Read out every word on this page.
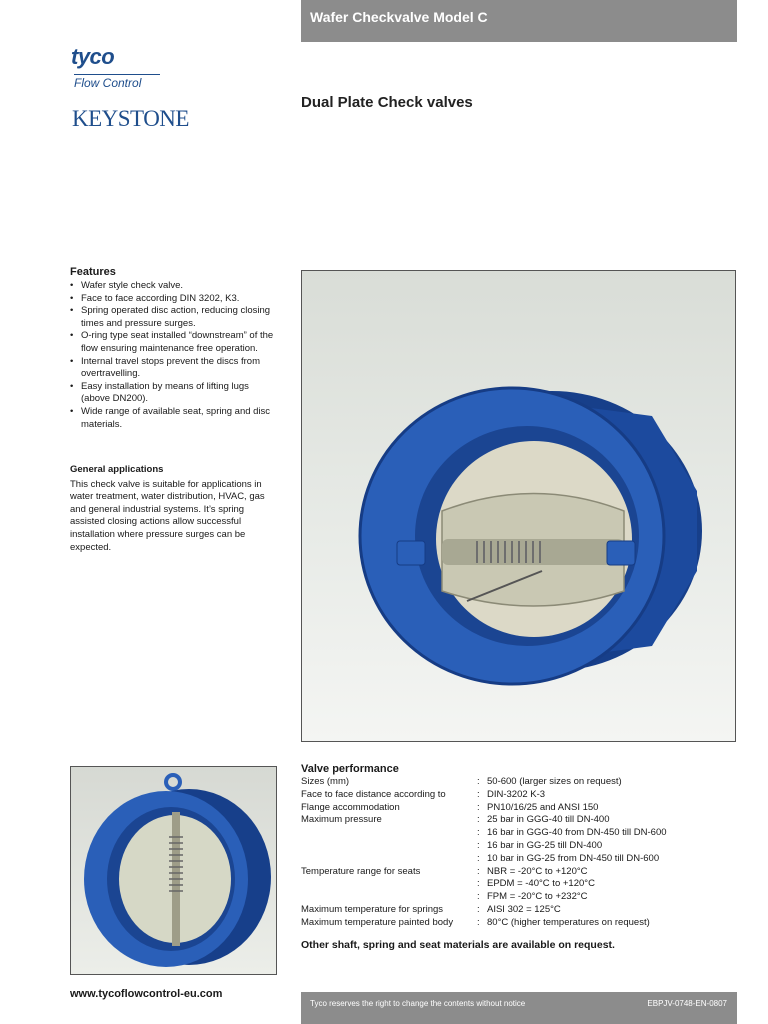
Wafer Checkvalve Model C
tyco
Flow Control
KEYSTONE
Dual Plate Check valves

Features

• Wafer style check valve.
• Face to face according DIN 3202, K3.
• Spring operated disc action, reducing closing times and pressure surges.
• O-ring type seat installed “downstream” of the flow ensuring maintenance free operation.
• Internal travel stops prevent the discs from overtravelling.
• Easy installation by means of lifting lugs (above DN200).
• Wide range of available seat, spring and disc materials.

General applications

This check valve is suitable for applications in water treatment, water distribution, HVAC, gas and general industrial systems. It’s spring assisted closing actions allow successful installation where pressure surges can be expected.

Valve performance

Sizes (mm)	:	50-600 (larger sizes on request)
Face to face distance according to	:	DIN-3202 K-3
Flange accommodation	:	PN10/16/25 and ANSI 150
Maximum pressure	:	25 bar in GGG-40 till DN-400
	:	16 bar in GGG-40 from DN-450 till DN-600
	:	16 bar in GG-25 till DN-400
	:	10 bar in GG-25 from DN-450 till DN-600
Temperature range for seats	:	NBR = -20°C to +120°C
	:	EPDM = -40°C to +120°C
	:	FPM = -20°C to +232°C
Maximum temperature for springs	:	AISI 302 = 125°C
Maximum temperature painted body	:	80°C (higher temperatures on request)
Other shaft, spring and seat materials are available on request.
www.tycoflowcontrol-eu.com
Tyco reserves the right to change the contents without notice	EBPJV-0748-EN-0807
